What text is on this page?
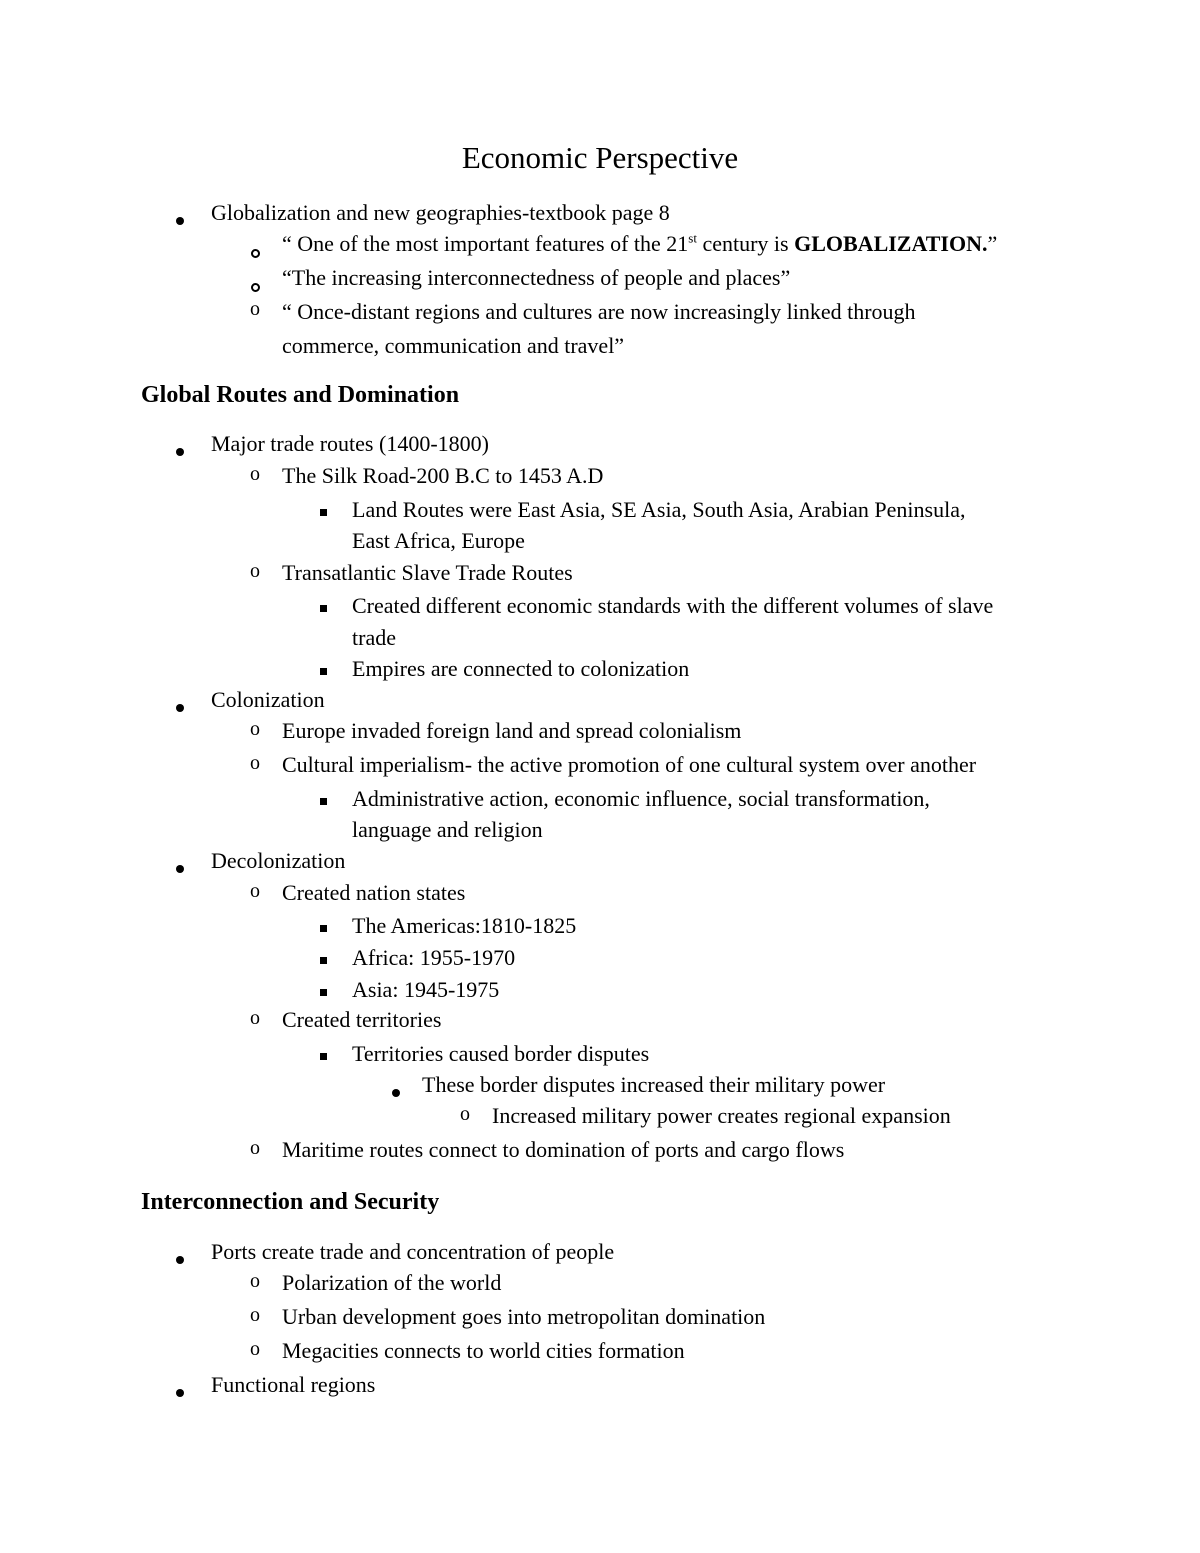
Economic Perspective
Globalization and new geographies-textbook page 8
“ One of the most important features of the 21st century is GLOBALIZATION.”
“The increasing interconnectedness of people and places”
o “ Once-distant regions and cultures are now increasingly linked through
commerce, communication and travel”
Global Routes and Domination
Major trade routes (1400-1800)
o The Silk Road-200 B.C to 1453 A.D
Land Routes were East Asia, SE Asia, South Asia, Arabian Peninsula,
East Africa, Europe
o Transatlantic Slave Trade Routes
Created different economic standards with the different volumes of slave
trade
Empires are connected to colonization
Colonization
o Europe invaded foreign land and spread colonialism
o Cultural imperialism- the active promotion of one cultural system over another
Administrative action, economic influence, social transformation,
language and religion
Decolonization
o Created nation states
The Americas:1810-1825
Africa: 1955-1970
Asia: 1945-1975
o Created territories
Territories caused border disputes
These border disputes increased their military power
o Increased military power creates regional expansion
o Maritime routes connect to domination of ports and cargo flows
Interconnection and Security
Ports create trade and concentration of people
o Polarization of the world
o Urban development goes into metropolitan domination
o Megacities connects to world cities formation
Functional regions
